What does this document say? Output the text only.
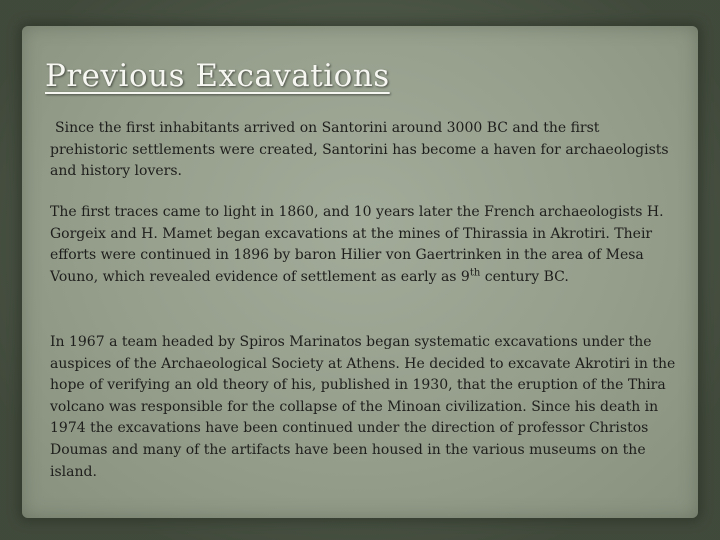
Previous Excavations

Since the first inhabitants arrived on Santorini around 3000 BC and the first prehistoric settlements were created, Santorini has become a haven for archaeologists and history lovers.

The first traces came to light in 1860, and 10 years later the French archaeologists H. Gorgeix and H. Mamet began excavations at the mines of Thirassia in Akrotiri. Their efforts were continued in 1896 by baron Hilier von Gaertrinken in the area of Mesa Vouno, which revealed evidence of settlement as early as 9th century BC.

In 1967 a team headed by Spiros Marinatos began systematic excavations under the auspices of the Archaeological Society at Athens. He decided to excavate Akrotiri in the hope of verifying an old theory of his, published in 1930, that the eruption of the Thira volcano was responsible for the collapse of the Minoan civilization. Since his death in 1974 the excavations have been continued under the direction of professor Christos Doumas and many of the artifacts have been housed in the various museums on the island.
